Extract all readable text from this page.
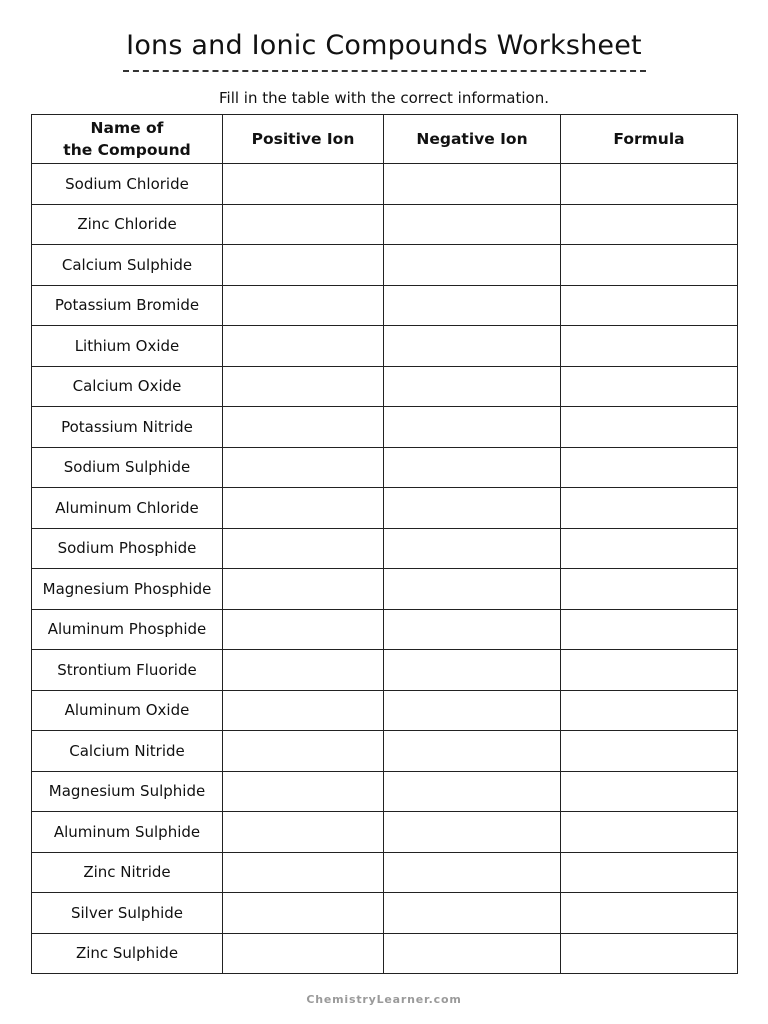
Ions and Ionic Compounds Worksheet
Fill in the table with the correct information.
Name of
the Compound	Positive Ion	Negative Ion	Formula
Sodium Chloride			
Zinc Chloride			
Calcium Sulphide			
Potassium Bromide			
Lithium Oxide			
Calcium Oxide			
Potassium Nitride			
Sodium Sulphide			
Aluminum Chloride			
Sodium Phosphide			
Magnesium Phosphide			
Aluminum Phosphide			
Strontium Fluoride			
Aluminum Oxide			
Calcium Nitride			
Magnesium Sulphide			
Aluminum Sulphide			
Zinc Nitride			
Silver Sulphide			
Zinc Sulphide			
ChemistryLearner.com
